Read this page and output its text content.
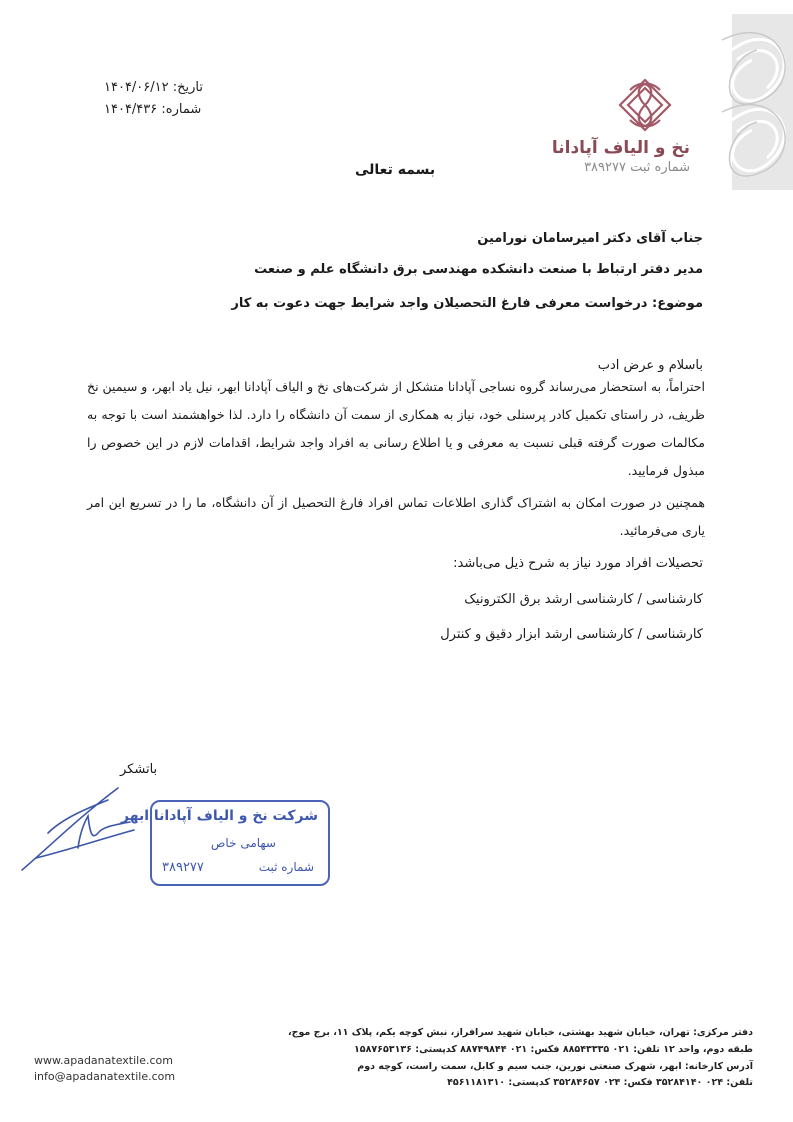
نخ و الیاف آپادانا
شماره ثبت ۳۸۹۲۷۷
تاریخ: ۱۴۰۴/۰۶/۱۲
شماره: ۱۴۰۴/۴۳۶
بسمه تعالی
جناب آقای دکتر امیرسامان نورامین
مدیر دفتر ارتباط با صنعت دانشکده مهندسی برق دانشگاه علم و صنعت
موضوع: درخواست معرفی فارغ التحصیلان واجد شرایط جهت دعوت به کار
باسلام و عرض ادب
احتراماً، به استحضار می‌رساند گروه نساجی آپادانا متشکل از شرکت‌های نخ و الیاف آپادانا ابهر، نیل یاد ابهر، و سیمین نخ ظریف، در راستای تکمیل کادر پرسنلی خود، نیاز به همکاری از سمت آن دانشگاه را دارد. لذا خواهشمند است با توجه به مکالمات صورت گرفته قبلی نسبت به معرفی و یا اطلاع رسانی به افراد واجد شرایط، اقدامات لازم در این خصوص را مبذول فرمایید.
همچنین در صورت امکان به اشتراک گذاری اطلاعات تماس افراد فارغ التحصیل از آن دانشگاه، ما را در تسریع این امر یاری می‌فرمائید.
تحصیلات افراد مورد نیاز به شرح ذیل می‌باشد:
کارشناسی / کارشناسی ارشد برق الکترونیک
کارشناسی / کارشناسی ارشد ابزار دقیق و کنترل
باتشکر
شرکت نخ و الیاف آپادانا ابهر
سهامی خاص
شماره ثبت
۳۸۹۲۷۷
دفتر مرکزی: تهران، خیابان شهید بهشتی، خیابان شهید سرافراز، نبش کوچه یکم، پلاک ۱۱، برج موج،
طبقه دوم، واحد ۱۲ تلفن: ۰۲۱ ۸۸۵۴۳۳۳۵ فکس: ۰۲۱ ۸۸۷۴۹۸۴۴ کدپستی: ۱۵۸۷۶۵۳۱۳۶
آدرس کارخانه: ابهر، شهرک صنعتی نورین، جنب سیم و کابل، سمت راست، کوچه دوم
تلفن: ۰۲۴ ۳۵۲۸۴۱۴۰ فکس: ۰۲۴ ۳۵۲۸۴۶۵۷ کدپستی: ۴۵۶۱۱۸۱۳۱۰
www.apadanatextile.com
info@apadanatextile.com
